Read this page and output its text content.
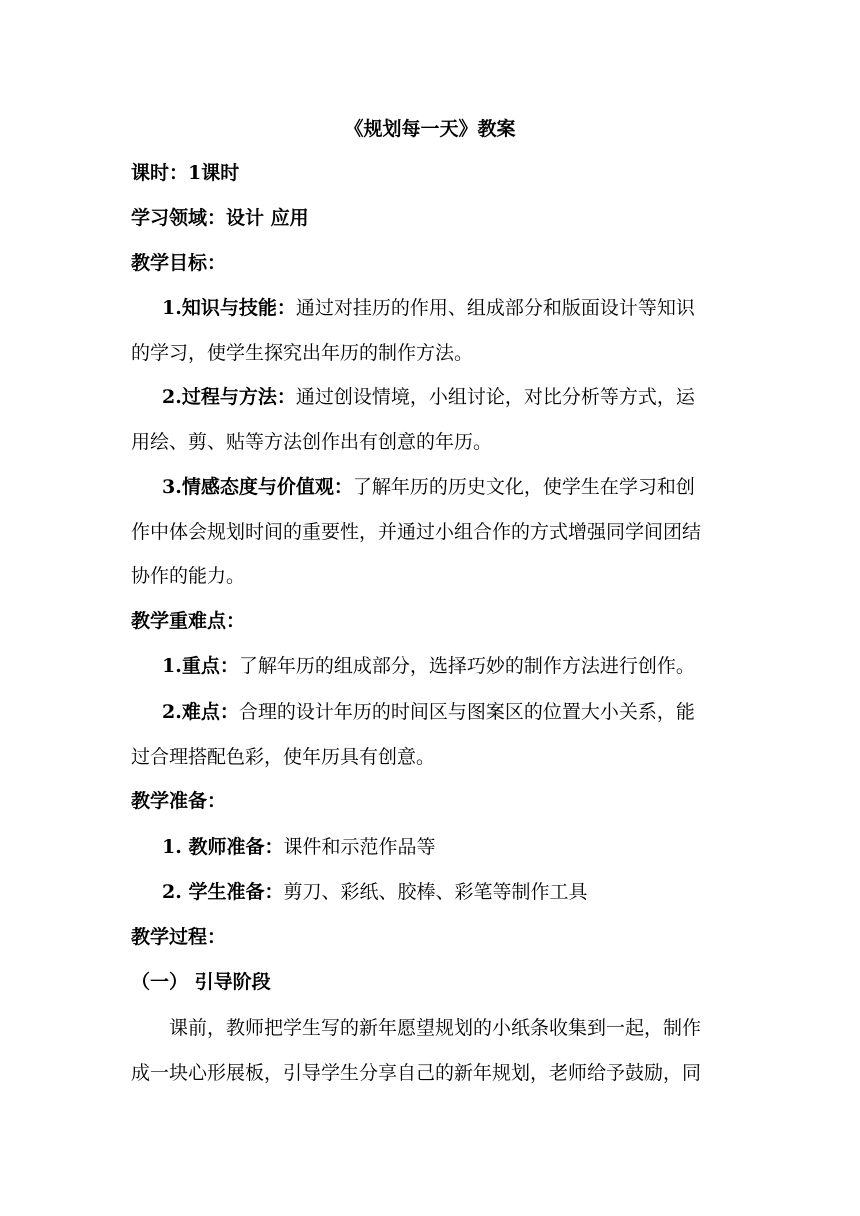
《规划每一天》教案

课时：1课时

学习领域：设计 应用

教学目标：

1.知识与技能：通过对挂历的作用、组成部分和版面设计等知识

的学习，使学生探究出年历的制作方法。

2.过程与方法：通过创设情境，小组讨论，对比分析等方式，运

用绘、剪、贴等方法创作出有创意的年历。

3.情感态度与价值观：了解年历的历史文化，使学生在学习和创

作中体会规划时间的重要性，并通过小组合作的方式增强同学间团结

协作的能力。

教学重难点：

1.重点：了解年历的组成部分，选择巧妙的制作方法进行创作。
2.难点：合理的设计年历的时间区与图案区的位置大小关系，能

过合理搭配色彩，使年历具有创意。

教学准备：

1. 教师准备：课件和示范作品等
2. 学生准备：剪刀、彩纸、胶棒、彩笔等制作工具

教学过程：

（一） 引导阶段

课前，教师把学生写的新年愿望规划的小纸条收集到一起，制作

成一块心形展板，引导学生分享自己的新年规划，老师给予鼓励，同
